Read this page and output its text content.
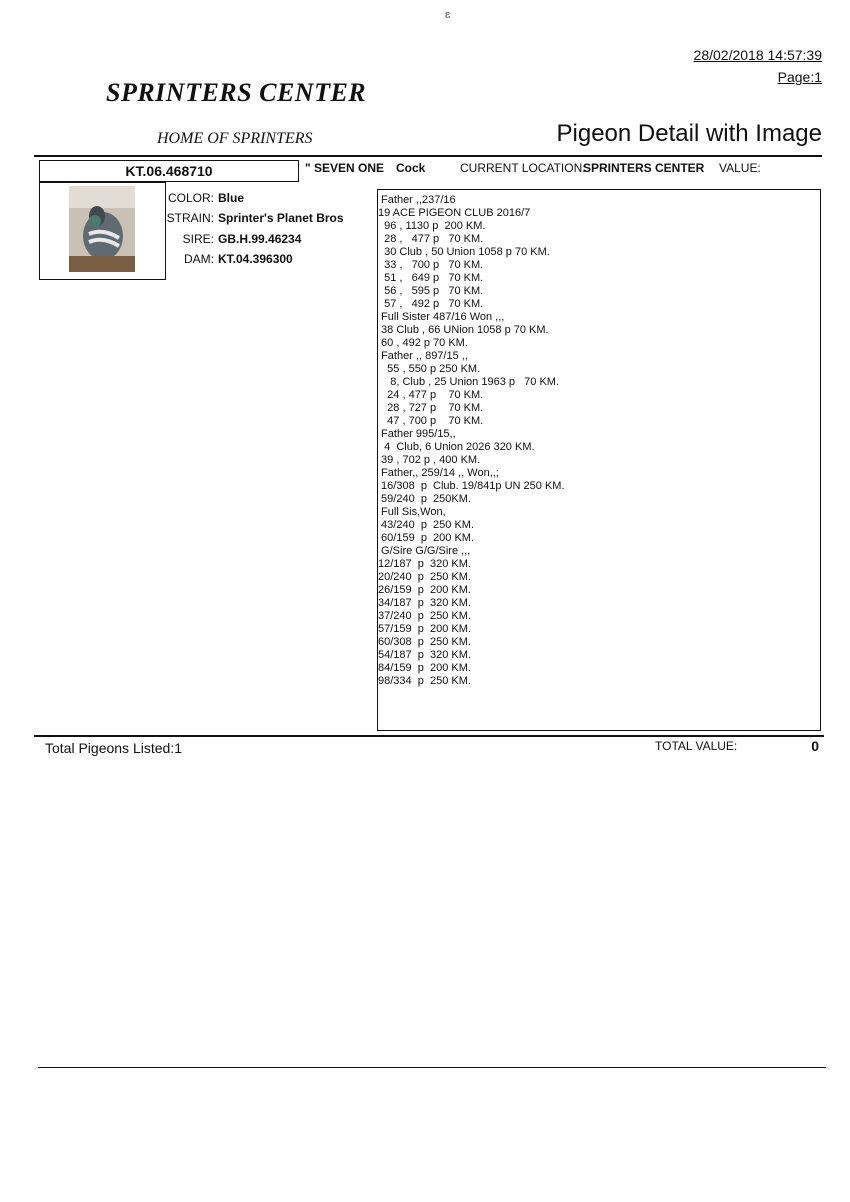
ꮛ
28/02/2018 14:57:39
Page:1
SPRINTERS CENTER
HOME OF SPRINTERS	Pigeon Detail with Image
KT.06.468710	" SEVEN ONE Cock	CURRENT LOCATION:
SPRINTERS CENTER VALUE:
COLOR: Blue
STRAIN: Sprinter's Planet Bros
SIRE: GB.H.99.46234
DAM: KT.04.396300
Father ,,237/16
19 ACE PIGEON CLUB 2016/7
96 , 1130 p  200 KM.
28 ,   477 p   70 KM.
30 Club , 50 Union 1058 p 70 KM.
33 ,   700 p   70 KM.
51 ,   649 p   70 KM.
56 ,   595 p   70 KM.
57 ,   492 p   70 KM.
Full Sister 487/16 Won ,,,
38 Club , 66 UNion 1058 p 70 KM.
60 , 492 p 70 KM.
Father ,, 897/15 ,,
55 , 550 p 250 KM.
8, Club , 25 Union 1963 p   70 KM.
24 , 477 p    70 KM.
28 , 727 p    70 KM.
47 , 700 p    70 KM.
Father 995/15,,
4  Club, 6 Union 2026 320 KM.
39 , 702 p , 400 KM.
Father,, 259/14 ,, Won,,;
16/308  p  Club. 19/841p UN 250 KM.
59/240  p  250KM.
Full Sis,Won,
43/240  p  250 KM.
60/159  p  200 KM.
G/Sire G/G/Sire ,,,
12/187  p  320 KM.
20/240  p  250 KM.
26/159  p  200 KM.
34/187  p  320 KM.
37/240  p  250 KM.
57/159  p  200 KM.
60/308  p  250 KM.
54/187  p  320 KM.
84/159  p  200 KM.
98/334  p  250 KM.
Total Pigeons Listed:1	TOTAL VALUE:	0
